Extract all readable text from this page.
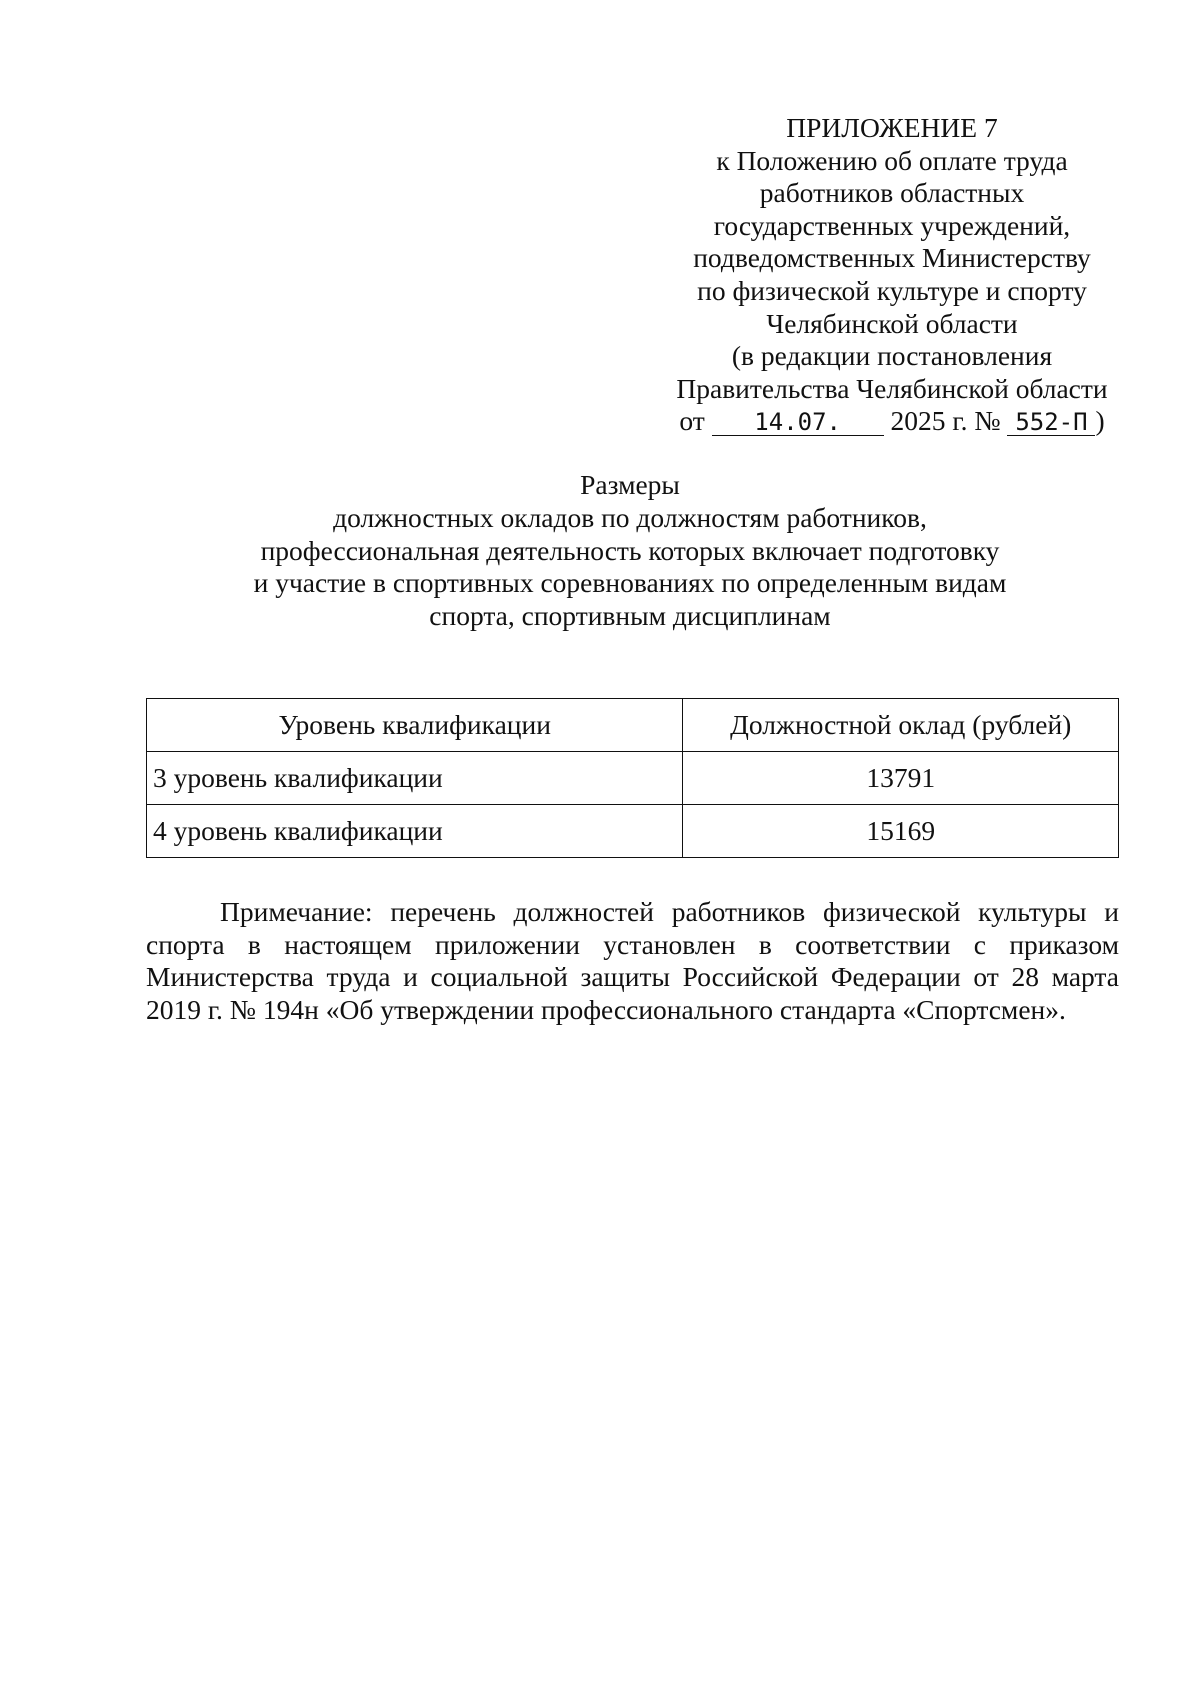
ПРИЛОЖЕНИЕ 7
к Положению об оплате труда
работников областных
государственных учреждений,
подведомственных Министерству
по физической культуре и спорту
Челябинской области
(в редакции постановления
Правительства Челябинской области
от 14.07. 2025 г. № 552-П )
Размеры
должностных окладов по должностям работников,
профессиональная деятельность которых включает подготовку
и участие в спортивных соревнованиях по определенным видам
спорта, спортивным дисциплинам
Уровень квалификации	Должностной оклад (рублей)
3 уровень квалификации	13791
4 уровень квалификации	15169
Примечание: перечень должностей работников физической культуры и
спорта в настоящем приложении установлен в соответствии с приказом
Министерства труда и социальной защиты Российской Федерации от 28 марта
2019 г. № 194н «Об утверждении профессионального стандарта «Спортсмен».
